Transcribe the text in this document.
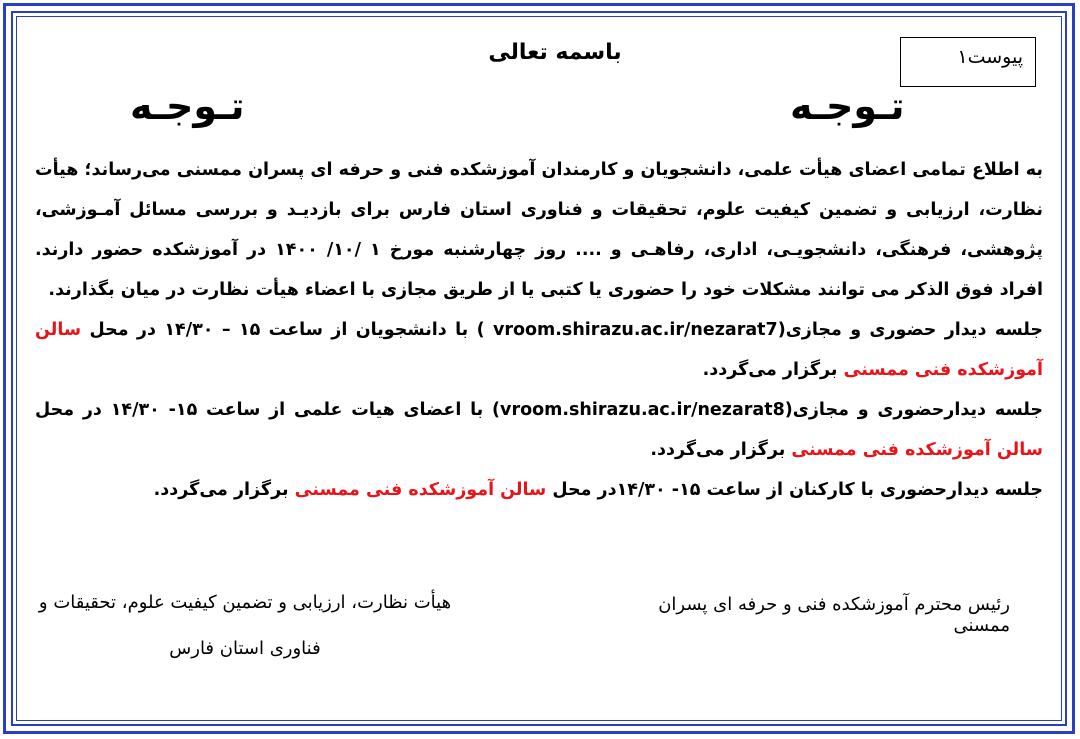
پیوست۱
باسمه تعالی
تـوجـه
تـوجـه

به اطلاع تمامی اعضای هیأت علمی، دانشجویان و کارمندان آموزشکده فنی و حرفه ای پسران ممسنی می‌رساند؛ هیأت نظارت، ارزیابی و تضمین کیفیت علوم، تحقیقات و فناوری استان فارس برای بازدیـد و بررسی مسائل آمـوزشی، پژوهشی، فرهنگی، دانشجویـی، اداری، رفاهـی و .... روز چهارشنبه مورخ ۱ /۱۰/ ۱۴۰۰ در آموزشکده حضور دارند. افراد فوق الذکر می توانند مشکلات خود را حضوری یا کتبی یا از طریق مجازی با اعضاء هیأت نظارت در میان بگذارند.

جلسه دیدار حضوری و مجازی(vroom.shirazu.ac.ir/nezarat7 ) با دانشجویان از ساعت ۱۵ – ۱۴/۳۰ در محل سالن آموزشکده فنی ممسنی برگزار می‌گردد.

جلسه دیدارحضوری و مجازی(vroom.shirazu.ac.ir/nezarat8) با اعضای هیات علمی از ساعت ۱۵- ۱۴/۳۰ در محل سالن آموزشکده فنی ممسنی برگزار می‌گردد.

جلسه دیدارحضوری با کارکنان از ساعت ۱۵- ۱۴/۳۰در محل سالن آموزشکده فنی ممسنی برگزار می‌گردد.

رئیس محترم آموزشکده فنی و حرفه ای پسران ممسنی
هیأت نظارت، ارزیابی و تضمین کیفیت علوم، تحقیقات و
فناوری استان فارس
